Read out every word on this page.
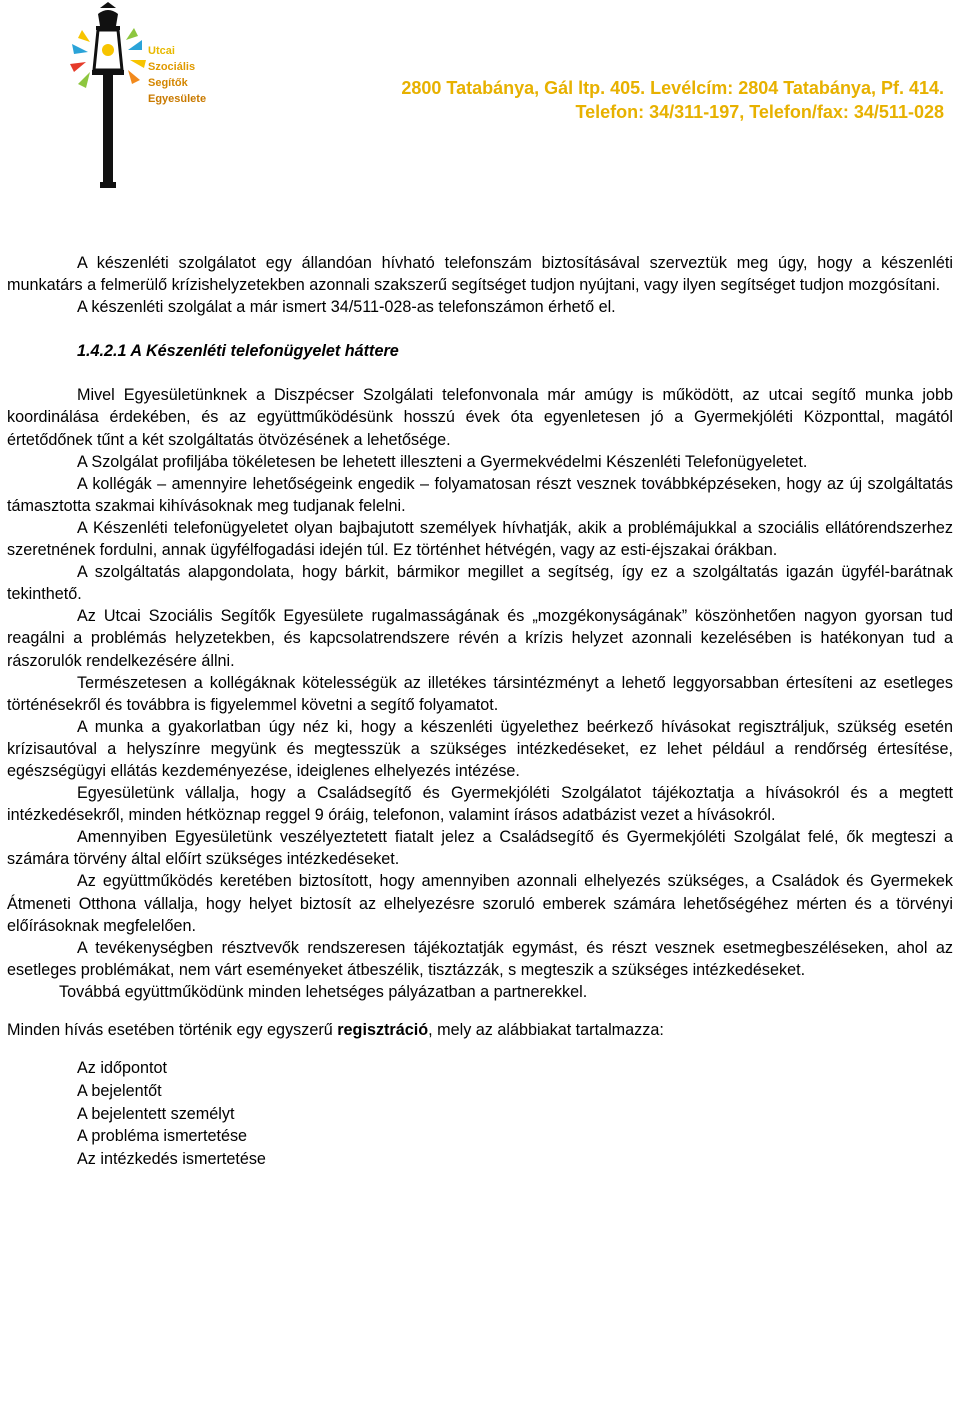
Utcai
Szociális
Segítők
Egyesülete
2800 Tatabánya, Gál ltp. 405. Levélcím: 2804 Tatabánya, Pf. 414.
Telefon: 34/311-197, Telefon/fax: 34/511-028

A készenléti szolgálatot egy állandóan hívható telefonszám biztosításával szerveztük meg úgy, hogy a készenléti munkatárs a felmerülő krízishelyzetekben azonnali szakszerű segítséget tudjon nyújtani, vagy ilyen segítséget tudjon mozgósítani.

A készenléti szolgálat a már ismert 34/511-028-as telefonszámon érhető el.

1.4.2.1 A Készenléti telefonügyelet háttere

Mivel Egyesületünknek a Diszpécser Szolgálati telefonvonala már amúgy is működött, az utcai segítő munka jobb koordinálása érdekében, és az együttműködésünk hosszú évek óta egyenletesen jó a Gyermekjóléti Központtal, magától értetődőnek tűnt a két szolgáltatás ötvözésének a lehetősége.

A Szolgálat profiljába tökéletesen be lehetett illeszteni a Gyermekvédelmi Készenléti Telefonügyeletet.

A kollégák – amennyire lehetőségeink engedik – folyamatosan részt vesznek továbbképzéseken, hogy az új szolgáltatás támasztotta szakmai kihívásoknak meg tudjanak felelni.

A Készenléti telefonügyeletet olyan bajbajutott személyek hívhatják, akik a problémájukkal a szociális ellátórendszerhez szeretnének fordulni, annak ügyfélfogadási idején túl. Ez történhet hétvégén, vagy az esti-éjszakai órákban.

A szolgáltatás alapgondolata, hogy bárkit, bármikor megillet a segítség, így ez a szolgáltatás igazán ügyfél-barátnak tekinthető.

Az Utcai Szociális Segítők Egyesülete rugalmasságának és „mozgékonyságának” köszönhetően nagyon gyorsan tud reagálni a problémás helyzetekben, és kapcsolatrendszere révén a krízis helyzet azonnali kezelésében is hatékonyan tud a rászorulók rendelkezésére állni.

Természetesen a kollégáknak kötelességük az illetékes társintézményt a lehető leggyorsabban értesíteni az esetleges történésekről és továbbra is figyelemmel követni a segítő folyamatot.

A munka a gyakorlatban úgy néz ki, hogy a készenléti ügyelethez beérkező hívásokat regisztráljuk, szükség esetén krízisautóval a helyszínre megyünk és megtesszük a szükséges intézkedéseket, ez lehet például a rendőrség értesítése, egészségügyi ellátás kezdeményezése, ideiglenes elhelyezés intézése.

Egyesületünk vállalja, hogy a Családsegítő és Gyermekjóléti Szolgálatot tájékoztatja a hívásokról és a megtett intézkedésekről, minden hétköznap reggel 9 óráig, telefonon, valamint írásos adatbázist vezet a hívásokról.

Amennyiben Egyesületünk veszélyeztetett fiatalt jelez a Családsegítő és Gyermekjóléti Szolgálat felé, ők megteszi a számára törvény által előírt szükséges intézkedéseket.

Az együttműködés keretében biztosított, hogy amennyiben azonnali elhelyezés szükséges, a Családok és Gyermekek Átmeneti Otthona vállalja, hogy helyet biztosít az elhelyezésre szoruló emberek számára lehetőségéhez mérten és a törvényi előírásoknak megfelelően.

A tevékenységben résztvevők rendszeresen tájékoztatják egymást, és részt vesznek esetmegbeszéléseken, ahol az esetleges problémákat, nem várt eseményeket átbeszélik, tisztázzák, s megteszik a szükséges intézkedéseket.

Továbbá együttműködünk minden lehetséges pályázatban a partnerekkel.

Minden hívás esetében történik egy egyszerű regisztráció, mely az alábbiakat tartalmazza:

Az időpontot
A bejelentőt
A bejelentett személyt
A probléma ismertetése
Az intézkedés ismertetése
